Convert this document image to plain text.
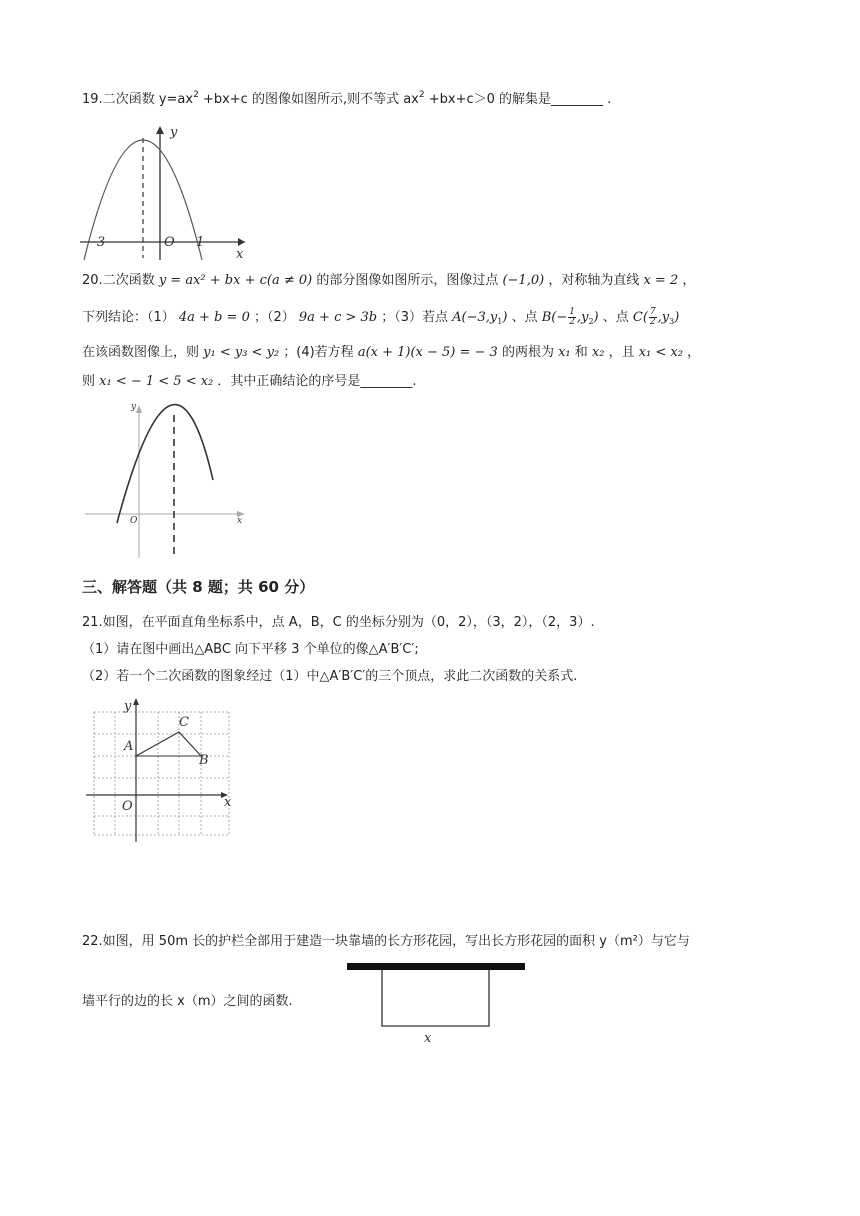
19.二次函数 $y=ax^2 +bx+c$ 的图像如图所示,则不等式 $ax^2 +bx+c>0$ 的解集是________ .
y
x
O
−3	1
20.二次函数 y = ax² + bx + c(a ≠ 0) 的部分图像如图所示，图像过点 (−1,0) ，对称轴为直线 x = 2 ，
下列结论：（1） 4a + b = 0 ；（2） 9a + c > 3b ；（3）若点 $A(-3,y_1)$ 、点 $B(- \frac{1}{2} ,y_2)$ 、点 $C( \frac{7}{2} ,y_3)$
在该函数图像上，则 y₁ < y₃ < y₂ ；(4)若方程 a(x + 1)(x − 5) = − 3 的两根为 x₁ 和 x₂ ，且 x₁ < x₂ ，
则 x₁ < − 1 < 5 < x₂ ．其中正确结论的序号是________.
y
x
O
三、解答题（共 8 题；共 60 分）
21.如图，在平面直角坐标系中，点 A，B，C 的坐标分别为（0，2），（3，2），（2，3）.
（1）请在图中画出△ABC 向下平移 3 个单位的像△A′B′C′;
（2）若一个二次函数的图象经过（1）中△A′B′C′的三个顶点，求此二次函数的关系式.
y
x
O
A
B
C
22.如图，用 50m 长的护栏全部用于建造一块靠墙的长方形花园，写出长方形花园的面积 y（m²）与它与
墙平行的边的长 x（m）之间的函数.
x
